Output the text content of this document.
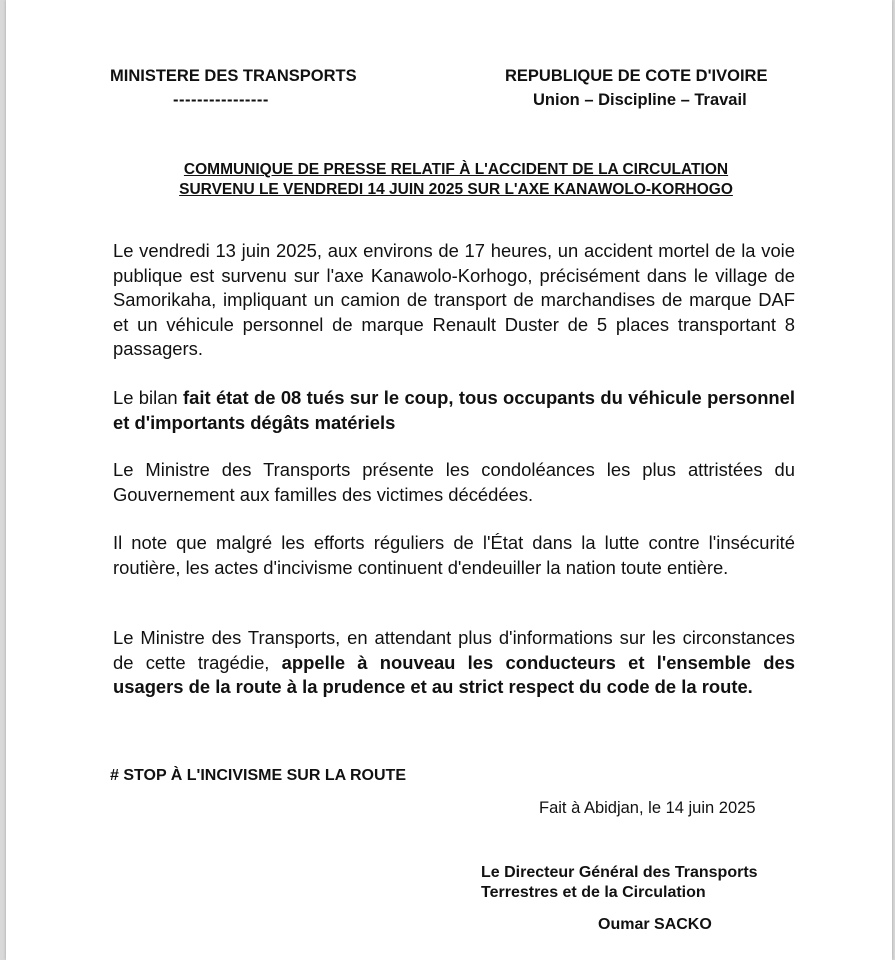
MINISTERE DES TRANSPORTS
----------------
REPUBLIQUE DE COTE D'IVOIRE
Union – Discipline – Travail
COMMUNIQUE DE PRESSE RELATIF À L'ACCIDENT DE LA CIRCULATION
SURVENU LE VENDREDI 14 JUIN 2025 SUR L'AXE KANAWOLO-KORHOGO
Le vendredi 13 juin 2025, aux environs de 17 heures, un accident mortel de la voie publique est survenu sur l'axe Kanawolo-Korhogo, précisément dans le village de Samorikaha, impliquant un camion de transport de marchandises de marque DAF et un véhicule personnel de marque Renault Duster de 5 places transportant 8 passagers.
Le bilan fait état de 08 tués sur le coup, tous occupants du véhicule personnel et d'importants dégâts matériels
Le Ministre des Transports présente les condoléances les plus attristées du Gouvernement aux familles des victimes décédées.
Il note que malgré les efforts réguliers de l'État dans la lutte contre l'insécurité routière, les actes d'incivisme continuent d'endeuiller la nation toute entière.
Le Ministre des Transports, en attendant plus d'informations sur les circonstances de cette tragédie, appelle à nouveau les conducteurs et l'ensemble des usagers de la route à la prudence et au strict respect du code de la route.
# STOP À L'INCIVISME SUR LA ROUTE
Fait à Abidjan, le 14 juin 2025
Le Directeur Général des Transports
Terrestres et de la Circulation
Oumar SACKO
